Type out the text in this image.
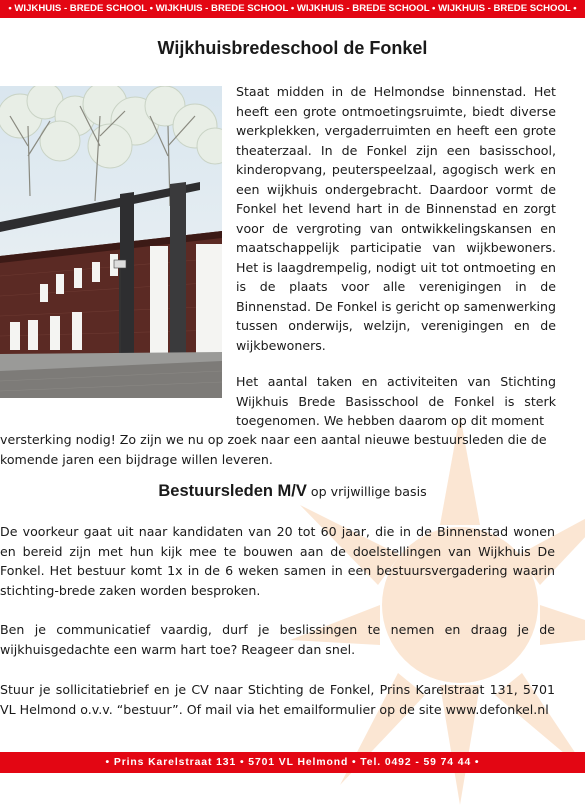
• WIJKHUIS - BREDE SCHOOL • WIJKHUIS - BREDE SCHOOL • WIJKHUIS - BREDE SCHOOL • WIJKHUIS - BREDE SCHOOL •
Wijkhuisbredeschool de Fonkel

Staat midden in de Helmondse binnenstad. Het heeft een grote ontmoetingsruimte, biedt diverse werkplekken, vergaderruimten en heeft een grote theaterzaal. In de Fonkel zijn een basisschool, kinderopvang, peuterspeelzaal, agogisch werk en een wijkhuis ondergebracht. Daardoor vormt de Fonkel het levend hart in de Binnenstad en zorgt voor de vergroting van ontwikkelingskansen en maatschappelijk participatie van wijkbewoners. Het is laagdrempelig, nodigt uit tot ontmoeting en is de plaats voor alle verenigingen in de Binnenstad. De Fonkel is gericht op samenwerking tussen onderwijs, welzijn, verenigingen en de wijkbewoners.

Het aantal taken en activiteiten van Stichting Wijkhuis Brede Basisschool de Fonkel is sterk toegenomen. We hebben daarom op dit moment

versterking nodig! Zo zijn we nu op zoek naar een aantal nieuwe bestuursleden die de komende jaren een bijdrage willen leveren.

Bestuursleden M/V op vrijwillige basis

De voorkeur gaat uit naar kandidaten van 20 tot 60 jaar, die in de Binnenstad wonen en bereid zijn met hun kijk mee te bouwen aan de doelstellingen van Wijkhuis De Fonkel. Het bestuur komt 1x in de 6 weken samen in een bestuursvergadering waarin stichting-brede zaken worden besproken.

Ben je communicatief vaardig, durf je beslissingen te nemen en draag je de wijkhuisgedachte een warm hart toe? Reageer dan snel.

Stuur je sollicitatiebrief en je CV naar Stichting de Fonkel, Prins Karelstraat 131, 5701 VL Helmond o.v.v. “bestuur”. Of mail via het emailformulier op de site www.defonkel.nl

• Prins Karelstraat 131 • 5701 VL Helmond • Tel. 0492 - 59 74 44 •
